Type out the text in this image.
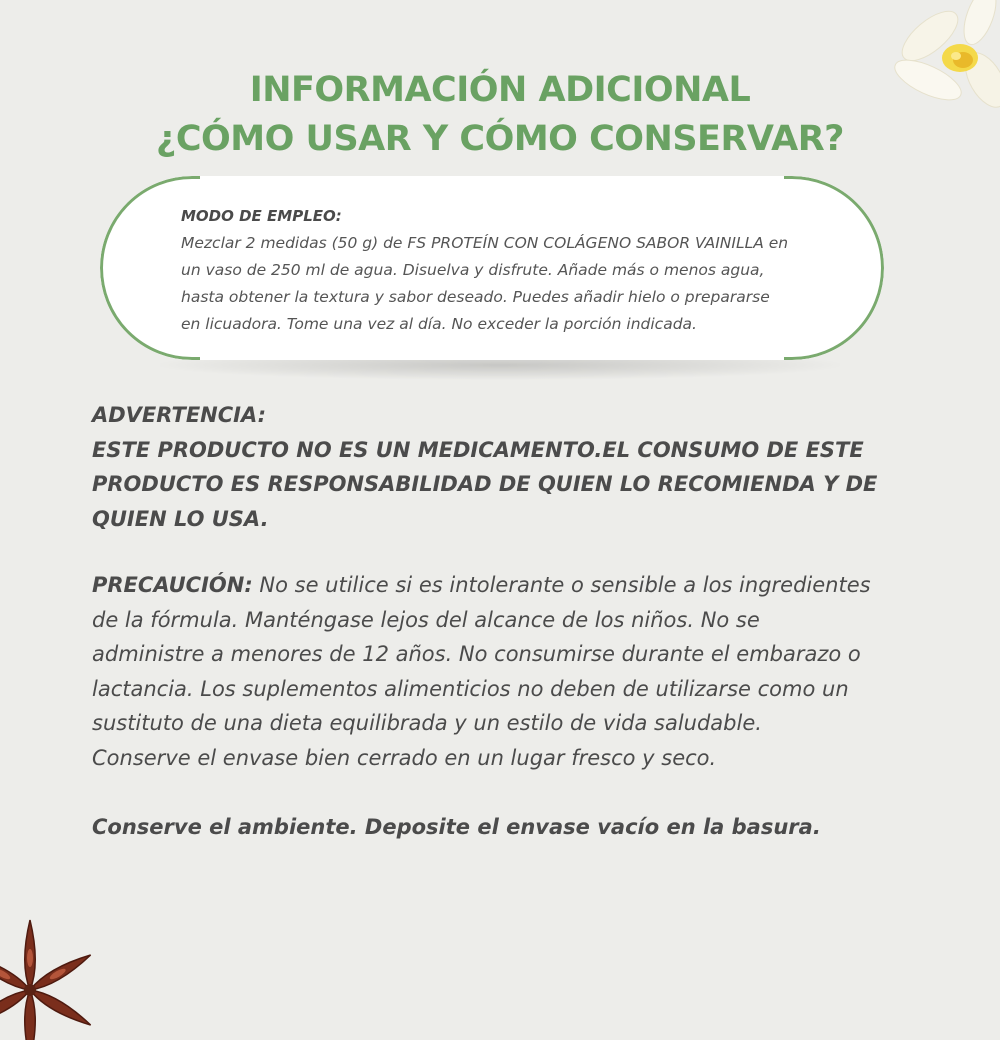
INFORMACIÓN ADICIONAL
¿CÓMO USAR Y CÓMO CONSERVAR?
MODO DE EMPLEO:
Mezclar 2 medidas (50 g) de FS PROTEÍN CON COLÁGENO SABOR VAINILLA en
un vaso de 250 ml de agua. Disuelva y disfrute. Añade más o menos agua,
hasta obtener la textura y sabor deseado. Puedes añadir hielo o prepararse
en licuadora. Tome una vez al día. No exceder la porción indicada.
ADVERTENCIA:
ESTE PRODUCTO NO ES UN MEDICAMENTO.EL CONSUMO DE ESTE
PRODUCTO ES RESPONSABILIDAD DE QUIEN LO RECOMIENDA Y DE
QUIEN LO USA.
PRECAUCIÓN: No se utilice si es intolerante o sensible a los ingredientes
de la fórmula. Manténgase lejos del alcance de los niños. No se
administre a menores de 12 años. No consumirse durante el embarazo o
lactancia. Los suplementos alimenticios no deben de utilizarse como un
sustituto de una dieta equilibrada y un estilo de vida saludable.
Conserve el envase bien cerrado en un lugar fresco y seco.
Conserve el ambiente. Deposite el envase vacío en la basura.
